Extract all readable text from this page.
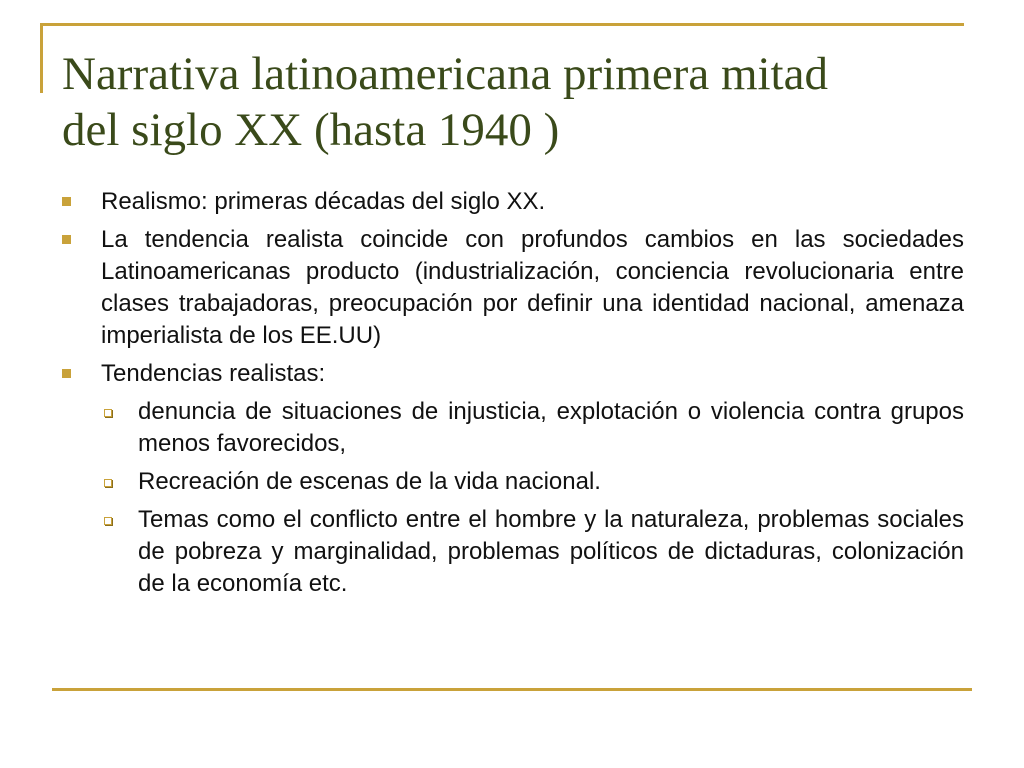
Narrativa latinoamericana primera mitad
del siglo XX (hasta 1940 )
Realismo: primeras décadas del siglo XX.
La tendencia realista coincide con profundos cambios en las sociedades Latinoamericanas producto (industrialización, conciencia revolucionaria entre clases trabajadoras, preocupación por definir una identidad nacional, amenaza imperialista de los EE.UU)
Tendencias realistas:
denuncia de situaciones de injusticia, explotación o violencia contra grupos menos favorecidos,
Recreación de escenas de la vida nacional.
Temas como el conflicto entre el hombre y la naturaleza, problemas sociales de pobreza y marginalidad, problemas políticos de dictaduras, colonización de la economía etc.
